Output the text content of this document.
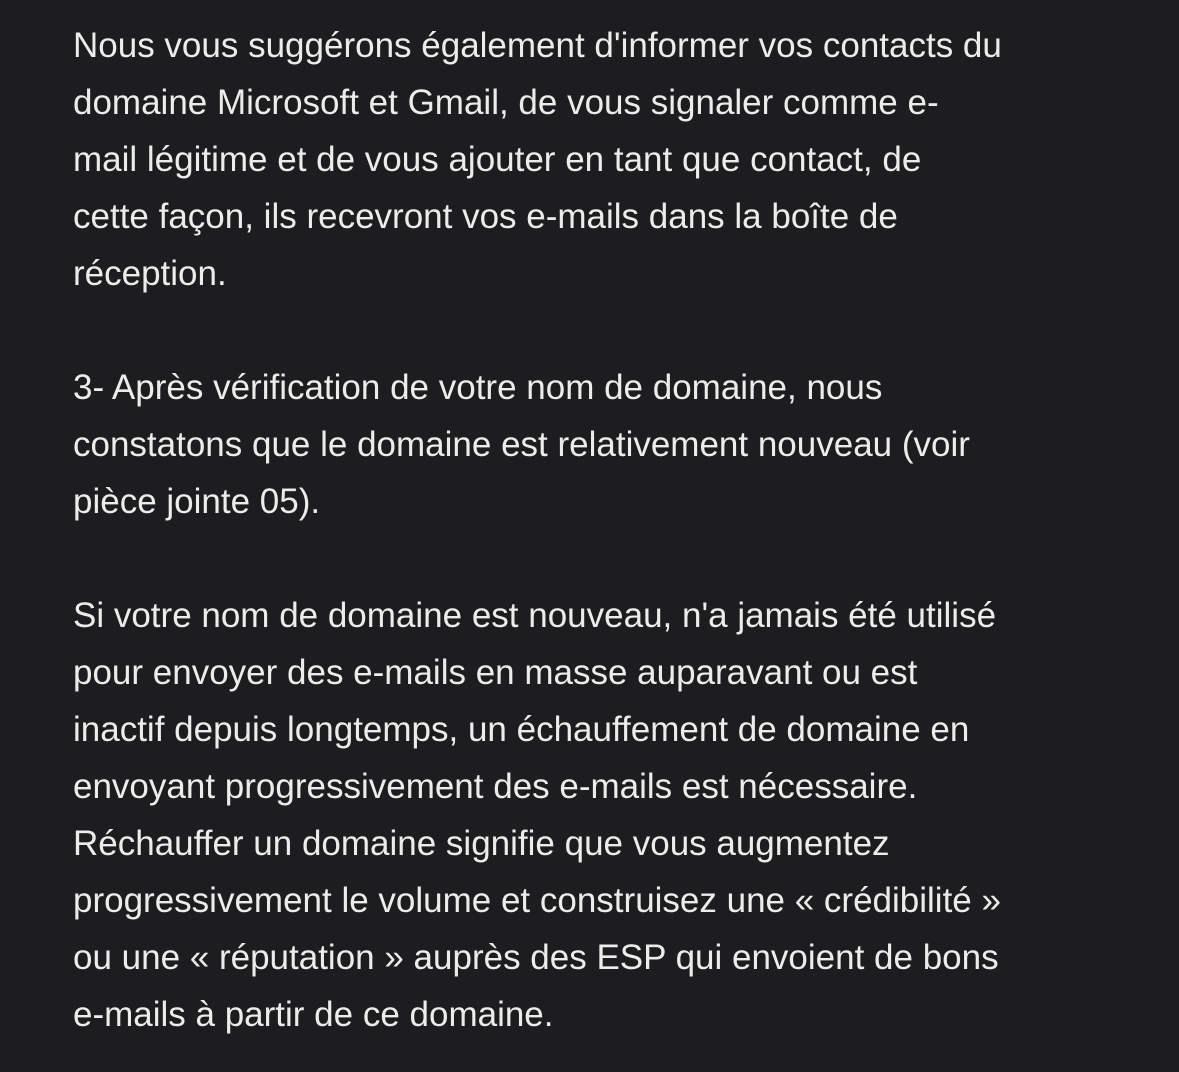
Nous vous suggérons également d'informer vos contacts du
domaine Microsoft et Gmail, de vous signaler comme e-
mail légitime et de vous ajouter en tant que contact, de
cette façon, ils recevront vos e-mails dans la boîte de
réception.

3- Après vérification de votre nom de domaine, nous
constatons que le domaine est relativement nouveau (voir
pièce jointe 05).

Si votre nom de domaine est nouveau, n'a jamais été utilisé
pour envoyer des e-mails en masse auparavant ou est
inactif depuis longtemps, un échauffement de domaine en
envoyant progressivement des e-mails est nécessaire.
Réchauffer un domaine signifie que vous augmentez
progressivement le volume et construisez une « crédibilité »
ou une « réputation » auprès des ESP qui envoient de bons
e-mails à partir de ce domaine.
